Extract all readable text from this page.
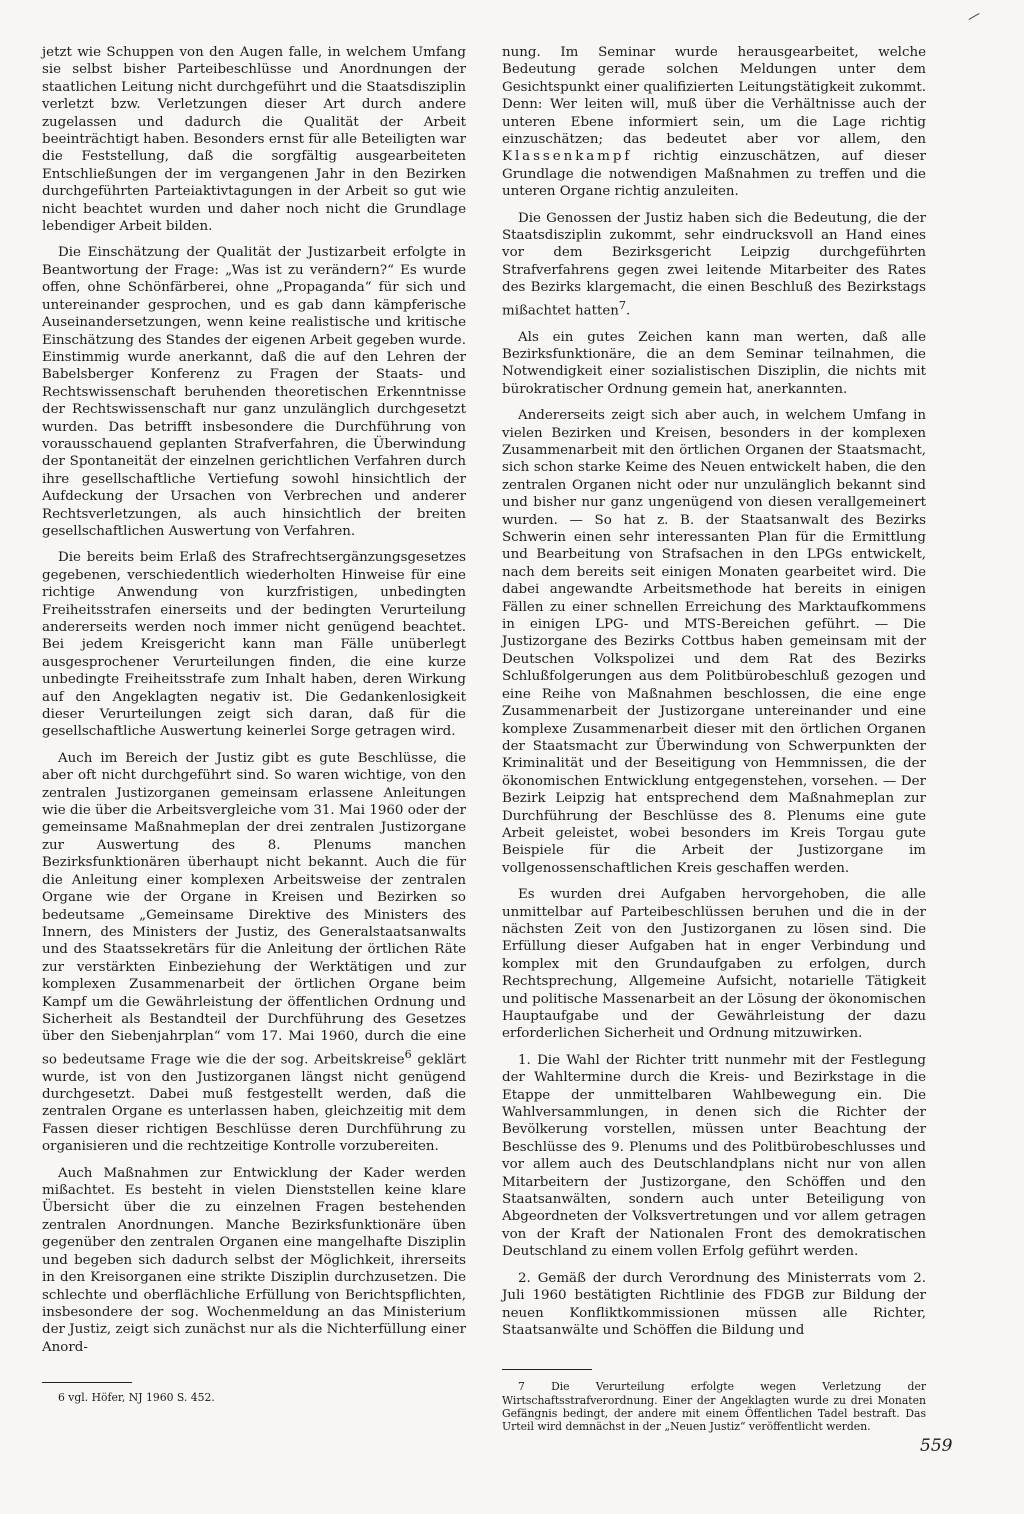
jetzt wie Schuppen von den Augen falle, in welchem Umfang sie selbst bisher Parteibeschlüsse und Anordnungen der staatlichen Leitung nicht durchgeführt und die Staatsdisziplin verletzt bzw. Verletzungen dieser Art durch andere zugelassen und dadurch die Qualität der Arbeit beeinträchtigt haben. Besonders ernst für alle Beteiligten war die Feststellung, daß die sorgfältig ausgearbeiteten Entschließungen der im vergangenen Jahr in den Bezirken durchgeführten Parteiaktivtagungen in der Arbeit so gut wie nicht beachtet wurden und daher noch nicht die Grundlage lebendiger Arbeit bilden.

Die Einschätzung der Qualität der Justizarbeit erfolgte in Beantwortung der Frage: „Was ist zu verändern?“ Es wurde offen, ohne Schönfärberei, ohne „Propaganda“ für sich und untereinander gesprochen, und es gab dann kämpferische Auseinandersetzungen, wenn keine realistische und kritische Einschätzung des Standes der eigenen Arbeit gegeben wurde. Einstimmig wurde anerkannt, daß die auf den Lehren der Babelsberger Konferenz zu Fragen der Staats- und Rechtswissenschaft beruhenden theoretischen Erkenntnisse der Rechtswissenschaft nur ganz unzulänglich durchgesetzt wurden. Das betrifft insbesondere die Durchführung von vorausschauend geplanten Strafverfahren, die Überwindung der Spontaneität der einzelnen gerichtlichen Verfahren durch ihre gesellschaftliche Vertiefung sowohl hinsichtlich der Aufdeckung der Ursachen von Verbrechen und anderer Rechtsverletzungen, als auch hinsichtlich der breiten gesellschaftlichen Auswertung von Verfahren.

Die bereits beim Erlaß des Strafrechtsergänzungsgesetzes gegebenen, verschiedentlich wiederholten Hinweise für eine richtige Anwendung von kurzfristigen, unbedingten Freiheitsstrafen einerseits und der bedingten Verurteilung andererseits werden noch immer nicht genügend beachtet. Bei jedem Kreisgericht kann man Fälle unüberlegt ausgesprochener Verurteilungen finden, die eine kurze unbedingte Freiheitsstrafe zum Inhalt haben, deren Wirkung auf den Angeklagten negativ ist. Die Gedankenlosigkeit dieser Verurteilungen zeigt sich daran, daß für die gesellschaftliche Auswertung keinerlei Sorge getragen wird.

Auch im Bereich der Justiz gibt es gute Beschlüsse, die aber oft nicht durchgeführt sind. So waren wichtige, von den zentralen Justizorganen gemeinsam erlassene Anleitungen wie die über die Arbeitsvergleiche vom 31. Mai 1960 oder der gemeinsame Maßnahmeplan der drei zentralen Justizorgane zur Auswertung des 8. Plenums manchen Bezirksfunktionären überhaupt nicht bekannt. Auch die für die Anleitung einer komplexen Arbeitsweise der zentralen Organe wie der Organe in Kreisen und Bezirken so bedeutsame „Gemeinsame Direktive des Ministers des Innern, des Ministers der Justiz, des Generalstaatsanwalts und des Staatssekretärs für die Anleitung der örtlichen Räte zur verstärkten Einbeziehung der Werktätigen und zur komplexen Zusammenarbeit der örtlichen Organe beim Kampf um die Gewährleistung der öffentlichen Ordnung und Sicherheit als Bestandteil der Durchführung des Gesetzes über den Siebenjahrplan“ vom 17. Mai 1960, durch die eine so bedeutsame Frage wie die der sog. Arbeitskreise$^6$ geklärt wurde, ist von den Justizorganen längst nicht genügend durchgesetzt. Dabei muß festgestellt werden, daß die zentralen Organe es unterlassen haben, gleichzeitig mit dem Fassen dieser richtigen Beschlüsse deren Durchführung zu organisieren und die rechtzeitige Kontrolle vorzubereiten.

Auch Maßnahmen zur Entwicklung der Kader werden mißachtet. Es besteht in vielen Dienststellen keine klare Übersicht über die zu einzelnen Fragen bestehenden zentralen Anordnungen. Manche Bezirksfunktionäre üben gegenüber den zentralen Organen eine mangelhafte Disziplin und begeben sich dadurch selbst der Möglichkeit, ihrerseits in den Kreisorganen eine strikte Disziplin durchzusetzen. Die schlechte und oberflächliche Erfüllung von Berichtspflichten, insbesondere der sog. Wochenmeldung an das Ministerium der Justiz, zeigt sich zunächst nur als die Nichterfüllung einer Anord-

6 vgl. Höfer, NJ 1960 S. 452.

nung. Im Seminar wurde herausgearbeitet, welche Bedeutung gerade solchen Meldungen unter dem Gesichtspunkt einer qualifizierten Leitungstätigkeit zukommt. Denn: Wer leiten will, muß über die Verhältnisse auch der unteren Ebene informiert sein, um die Lage richtig einzuschätzen; das bedeutet aber vor allem, den Klassenkampf richtig einzuschätzen, auf dieser Grundlage die notwendigen Maßnahmen zu treffen und die unteren Organe richtig anzuleiten.

Die Genossen der Justiz haben sich die Bedeutung, die der Staatsdisziplin zukommt, sehr eindrucksvoll an Hand eines vor dem Bezirksgericht Leipzig durchgeführten Strafverfahrens gegen zwei leitende Mitarbeiter des Rates des Bezirks klargemacht, die einen Beschluß des Bezirkstags mißachtet hatten$^7$.

Als ein gutes Zeichen kann man werten, daß alle Bezirksfunktionäre, die an dem Seminar teilnahmen, die Notwendigkeit einer sozialistischen Disziplin, die nichts mit bürokratischer Ordnung gemein hat, anerkannten.

Andererseits zeigt sich aber auch, in welchem Umfang in vielen Bezirken und Kreisen, besonders in der komplexen Zusammenarbeit mit den örtlichen Organen der Staatsmacht, sich schon starke Keime des Neuen entwickelt haben, die den zentralen Organen nicht oder nur unzulänglich bekannt sind und bisher nur ganz ungenügend von diesen verallgemeinert wurden. — So hat z. B. der Staatsanwalt des Bezirks Schwerin einen sehr interessanten Plan für die Ermittlung und Bearbeitung von Strafsachen in den LPGs entwickelt, nach dem bereits seit einigen Monaten gearbeitet wird. Die dabei angewandte Arbeitsmethode hat bereits in einigen Fällen zu einer schnellen Erreichung des Marktaufkommens in einigen LPG- und MTS-Bereichen geführt. — Die Justizorgane des Bezirks Cottbus haben gemeinsam mit der Deutschen Volkspolizei und dem Rat des Bezirks Schlußfolgerungen aus dem Politbürobeschluß gezogen und eine Reihe von Maßnahmen beschlossen, die eine enge Zusammenarbeit der Justizorgane untereinander und eine komplexe Zusammenarbeit dieser mit den örtlichen Organen der Staatsmacht zur Überwindung von Schwerpunkten der Kriminalität und der Beseitigung von Hemmnissen, die der ökonomischen Entwicklung entgegenstehen, vorsehen. — Der Bezirk Leipzig hat entsprechend dem Maßnahmeplan zur Durchführung der Beschlüsse des 8. Plenums eine gute Arbeit geleistet, wobei besonders im Kreis Torgau gute Beispiele für die Arbeit der Justizorgane im vollgenossenschaftlichen Kreis geschaffen werden.

Es wurden drei Aufgaben hervorgehoben, die alle unmittelbar auf Parteibeschlüssen beruhen und die in der nächsten Zeit von den Justizorganen zu lösen sind. Die Erfüllung dieser Aufgaben hat in enger Verbindung und komplex mit den Grundaufgaben zu erfolgen, durch Rechtsprechung, Allgemeine Aufsicht, notarielle Tätigkeit und politische Massenarbeit an der Lösung der ökonomischen Hauptaufgabe und der Gewährleistung der dazu erforderlichen Sicherheit und Ordnung mitzuwirken.

1. Die Wahl der Richter tritt nunmehr mit der Festlegung der Wahltermine durch die Kreis- und Bezirkstage in die Etappe der unmittelbaren Wahlbewegung ein. Die Wahlversammlungen, in denen sich die Richter der Bevölkerung vorstellen, müssen unter Beachtung der Beschlüsse des 9. Plenums und des Politbürobeschlusses und vor allem auch des Deutschlandplans nicht nur von allen Mitarbeitern der Justizorgane, den Schöffen und den Staatsanwälten, sondern auch unter Beteiligung von Abgeordneten der Volksvertretungen und vor allem getragen von der Kraft der Nationalen Front des demokratischen Deutschland zu einem vollen Erfolg geführt werden.

2. Gemäß der durch Verordnung des Ministerrats vom 2. Juli 1960 bestätigten Richtlinie des FDGB zur Bildung der neuen Konfliktkommissionen müssen alle Richter, Staatsanwälte und Schöffen die Bildung und

7 Die Verurteilung erfolgte wegen Verletzung der Wirtschaftsstrafverordnung. Einer der Angeklagten wurde zu drei Monaten Gefängnis bedingt, der andere mit einem Öffentlichen Tadel bestraft. Das Urteil wird demnächst in der „Neuen Justiz“ veröffentlicht werden.
559
